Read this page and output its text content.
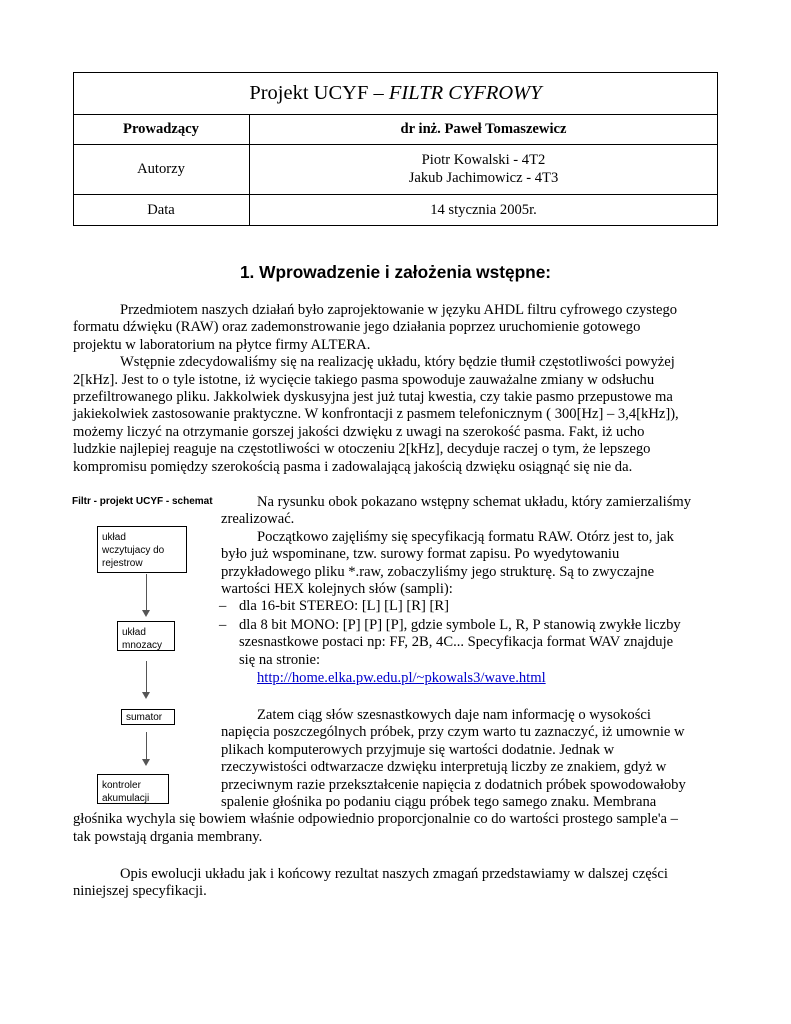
Projekt UCYF – FILTR CYFROWY
Prowadzący	dr inż. Paweł Tomaszewicz
Autorzy
Piotr Kowalski - 4T2
Jakub Jachimowicz - 4T3
Data	14 stycznia 2005r.
1. Wprowadzenie i założenia wstępne:
Przedmiotem naszych działań było zaprojektowanie w języku AHDL filtru cyfrowego czystego
formatu dźwięku (RAW) oraz zademonstrowanie jego działania poprzez uruchomienie gotowego
projektu w laboratorium na płytce firmy ALTERA.
Wstępnie zdecydowaliśmy się na realizację układu, który będzie tłumił częstotliwości powyżej
2[kHz]. Jest to o tyle istotne, iż wycięcie takiego pasma spowoduje zauważalne zmiany w odsłuchu
przefiltrowanego pliku. Jakkolwiek dyskusyjna jest już tutaj kwestia, czy takie pasmo przepustowe ma
jakiekolwiek zastosowanie praktyczne. W konfrontacji z pasmem telefonicznym ( 300[Hz] – 3,4[kHz]),
możemy liczyć na otrzymanie gorszej jakości dzwięku z uwagi na szerokość pasma. Fakt, iż ucho
ludzkie najlepiej reaguje na częstotliwości w otoczeniu 2[kHz], decyduje raczej o tym, że lepszego
kompromisu pomiędzy szerokością pasma i zadowalającą jakością dzwięku osiągnąć się nie da.
Filtr - projekt UCYF - schemat
układ
wczytujacy do
rejestrow
układ
mnozacy
sumator
kontroler
akumulacji
Na rysunku obok pokazano wstępny schemat układu, który zamierzaliśmy
zrealizować.
Początkowo zajęliśmy się specyfikacją formatu RAW. Otórz jest to, jak
było już wspominane, tzw. surowy format zapisu. Po wyedytowaniu
przykładowego pliku *.raw, zobaczyliśmy jego strukturę. Są to zwyczajne
wartości HEX kolejnych słów (sampli):
– dla 16-bit STEREO: [L] [L] [R] [R]
– dla 8 bit MONO: [P] [P] [P], gdzie symbole L, R, P stanowią zwykłe liczby
szesnastkowe postaci np: FF, 2B, 4C... Specyfikacja format WAV znajduje
się na stronie:
http://home.elka.pw.edu.pl/~pkowals3/wave.html
Zatem ciąg słów szesnastkowych daje nam informację o wysokości
napięcia poszczególnych próbek, przy czym warto tu zaznaczyć, iż umownie w
plikach komputerowych przyjmuje się wartości dodatnie. Jednak w
rzeczywistości odtwarzacze dzwięku interpretują liczby ze znakiem, gdyż w
przeciwnym razie przekształcenie napięcia z dodatnich próbek spowodowałoby
spalenie głośnika po podaniu ciągu próbek tego samego znaku. Membrana
głośnika wychyla się bowiem właśnie odpowiednio proporcjonalnie co do wartości prostego sample'a –
tak powstają drgania membrany.
Opis ewolucji układu jak i końcowy rezultat naszych zmagań przedstawiamy w dalszej części
niniejszej specyfikacji.
